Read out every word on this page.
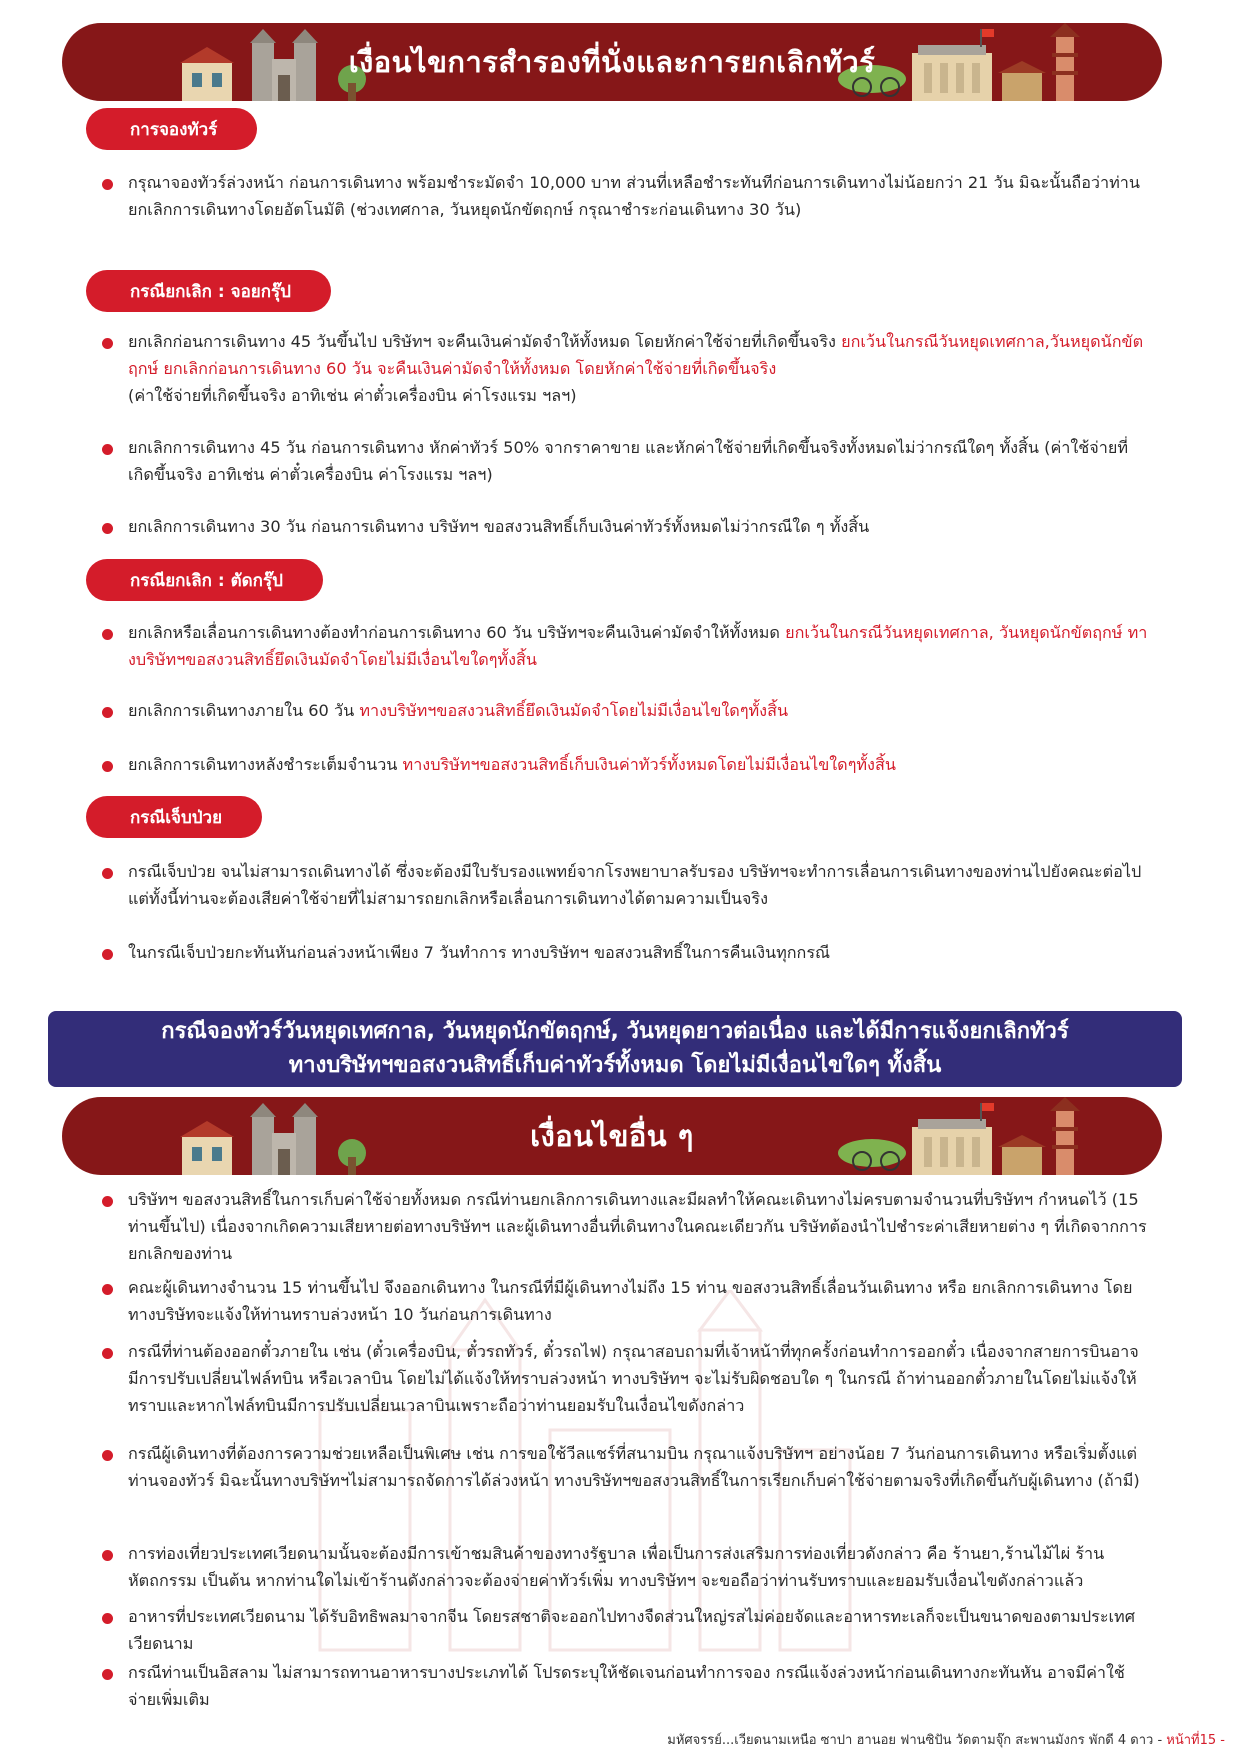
เงื่อนไขการสำรองที่นั่งและการยกเลิกทัวร์
การจองทัวร์
กรุณาจองทัวร์ล่วงหน้า ก่อนการเดินทาง พร้อมชำระมัดจำ 10,000 บาท ส่วนที่เหลือชำระทันทีก่อนการเดินทางไม่น้อยกว่า 21 วัน มิฉะนั้นถือว่าท่านยกเลิกการเดินทางโดยอัตโนมัติ (ช่วงเทศกาล, วันหยุดนักขัตฤกษ์ กรุณาชำระก่อนเดินทาง 30 วัน)
กรณียกเลิก : จอยกรุ๊ป
ยกเลิกก่อนการเดินทาง 45 วันขึ้นไป บริษัทฯ จะคืนเงินค่ามัดจำให้ทั้งหมด โดยหักค่าใช้จ่ายที่เกิดขึ้นจริง ยกเว้นในกรณีวันหยุดเทศกาล,วันหยุดนักขัตฤกษ์ ยกเลิกก่อนการเดินทาง 60 วัน จะคืนเงินค่ามัดจำให้ทั้งหมด โดยหักค่าใช้จ่ายที่เกิดขึ้นจริง
(ค่าใช้จ่ายที่เกิดขึ้นจริง อาทิเช่น ค่าตั๋วเครื่องบิน ค่าโรงแรม ฯลฯ)
ยกเลิกการเดินทาง 45 วัน ก่อนการเดินทาง หักค่าทัวร์ 50% จากราคาขาย และหักค่าใช้จ่ายที่เกิดขึ้นจริงทั้งหมดไม่ว่ากรณีใดๆ ทั้งสิ้น (ค่าใช้จ่ายที่เกิดขึ้นจริง อาทิเช่น ค่าตั๋วเครื่องบิน ค่าโรงแรม ฯลฯ)
ยกเลิกการเดินทาง 30 วัน ก่อนการเดินทาง บริษัทฯ ขอสงวนสิทธิ์เก็บเงินค่าทัวร์ทั้งหมดไม่ว่ากรณีใด ๆ ทั้งสิ้น
กรณียกเลิก : ตัดกรุ๊ป
ยกเลิกหรือเลื่อนการเดินทางต้องทำก่อนการเดินทาง 60 วัน บริษัทฯจะคืนเงินค่ามัดจำให้ทั้งหมด ยกเว้นในกรณีวันหยุดเทศกาล, วันหยุดนักขัตฤกษ์ ทางบริษัทฯขอสงวนสิทธิ์ยึดเงินมัดจำโดยไม่มีเงื่อนไขใดๆทั้งสิ้น
ยกเลิกการเดินทางภายใน 60 วัน ทางบริษัทฯขอสงวนสิทธิ์ยึดเงินมัดจำโดยไม่มีเงื่อนไขใดๆทั้งสิ้น
ยกเลิกการเดินทางหลังชำระเต็มจำนวน ทางบริษัทฯขอสงวนสิทธิ์เก็บเงินค่าทัวร์ทั้งหมดโดยไม่มีเงื่อนไขใดๆทั้งสิ้น
กรณีเจ็บป่วย
กรณีเจ็บป่วย จนไม่สามารถเดินทางได้ ซึ่งจะต้องมีใบรับรองแพทย์จากโรงพยาบาลรับรอง บริษัทฯจะทำการเลื่อนการเดินทางของท่านไปยังคณะต่อไป แต่ทั้งนี้ท่านจะต้องเสียค่าใช้จ่ายที่ไม่สามารถยกเลิกหรือเลื่อนการเดินทางได้ตามความเป็นจริง
ในกรณีเจ็บป่วยกะทันหันก่อนล่วงหน้าเพียง 7 วันทำการ ทางบริษัทฯ ขอสงวนสิทธิ์ในการคืนเงินทุกกรณี
กรณีจองทัวร์วันหยุดเทศกาล, วันหยุดนักขัตฤกษ์, วันหยุดยาวต่อเนื่อง และได้มีการแจ้งยกเลิกทัวร์
ทางบริษัทฯขอสงวนสิทธิ์เก็บค่าทัวร์ทั้งหมด โดยไม่มีเงื่อนไขใดๆ ทั้งสิ้น
เงื่อนไขอื่น ๆ
บริษัทฯ ขอสงวนสิทธิ์ในการเก็บค่าใช้จ่ายทั้งหมด กรณีท่านยกเลิกการเดินทางและมีผลทำให้คณะเดินทางไม่ครบตามจำนวนที่บริษัทฯ กำหนดไว้ (15 ท่านขึ้นไป) เนื่องจากเกิดความเสียหายต่อทางบริษัทฯ และผู้เดินทางอื่นที่เดินทางในคณะเดียวกัน บริษัทต้องนำไปชำระค่าเสียหายต่าง ๆ ที่เกิดจากการยกเลิกของท่าน
คณะผู้เดินทางจำนวน 15 ท่านขึ้นไป จึงออกเดินทาง ในกรณีที่มีผู้เดินทางไม่ถึง 15 ท่าน ขอสงวนสิทธิ์เลื่อนวันเดินทาง หรือ ยกเลิกการเดินทาง โดยทางบริษัทจะแจ้งให้ท่านทราบล่วงหน้า 10 วันก่อนการเดินทาง
กรณีที่ท่านต้องออกตั๋วภายใน เช่น (ตั๋วเครื่องบิน, ตั๋วรถทัวร์, ตั๋วรถไฟ) กรุณาสอบถามที่เจ้าหน้าที่ทุกครั้งก่อนทำการออกตั๋ว เนื่องจากสายการบินอาจมีการปรับเปลี่ยนไฟล์ทบิน หรือเวลาบิน โดยไม่ได้แจ้งให้ทราบล่วงหน้า ทางบริษัทฯ จะไม่รับผิดชอบใด ๆ ในกรณี ถ้าท่านออกตั๋วภายในโดยไม่แจ้งให้ทราบและหากไฟล์ทบินมีการปรับเปลี่ยนเวลาบินเพราะถือว่าท่านยอมรับในเงื่อนไขดังกล่าว
กรณีผู้เดินทางที่ต้องการความช่วยเหลือเป็นพิเศษ เช่น การขอใช้วีลแชร์ที่สนามบิน กรุณาแจ้งบริษัทฯ อย่างน้อย 7 วันก่อนการเดินทาง หรือเริ่มตั้งแต่ท่านจองทัวร์ มิฉะนั้นทางบริษัทฯไม่สามารถจัดการได้ล่วงหน้า ทางบริษัทฯขอสงวนสิทธิ์ในการเรียกเก็บค่าใช้จ่ายตามจริงที่เกิดขึ้นกับผู้เดินทาง (ถ้ามี)
การท่องเที่ยวประเทศเวียดนามนั้นจะต้องมีการเข้าชมสินค้าของทางรัฐบาล เพื่อเป็นการส่งเสริมการท่องเที่ยวดังกล่าว คือ ร้านยา,ร้านไม้ไผ่ ร้านหัตถกรรม เป็นต้น หากท่านใดไม่เข้าร้านดังกล่าวจะต้องจ่ายค่าทัวร์เพิ่ม ทางบริษัทฯ จะขอถือว่าท่านรับทราบและยอมรับเงื่อนไขดังกล่าวแล้ว
อาหารที่ประเทศเวียดนาม ได้รับอิทธิพลมาจากจีน โดยรสชาติจะออกไปทางจืดส่วนใหญ่รสไม่ค่อยจัดและอาหารทะเลก็จะเป็นขนาดของตามประเทศเวียดนาม
กรณีท่านเป็นอิสลาม ไม่สามารถทานอาหารบางประเภทได้ โปรดระบุให้ชัดเจนก่อนทำการจอง กรณีแจ้งล่วงหน้าก่อนเดินทางกะทันหัน อาจมีค่าใช้จ่ายเพิ่มเติม
มหัศจรรย์...เวียดนามเหนือ ซาปา ฮานอย ฟานซิปัน วัดตามจุ๊ก สะพานมังกร พักดี 4 ดาว - หน้าที่15 -
